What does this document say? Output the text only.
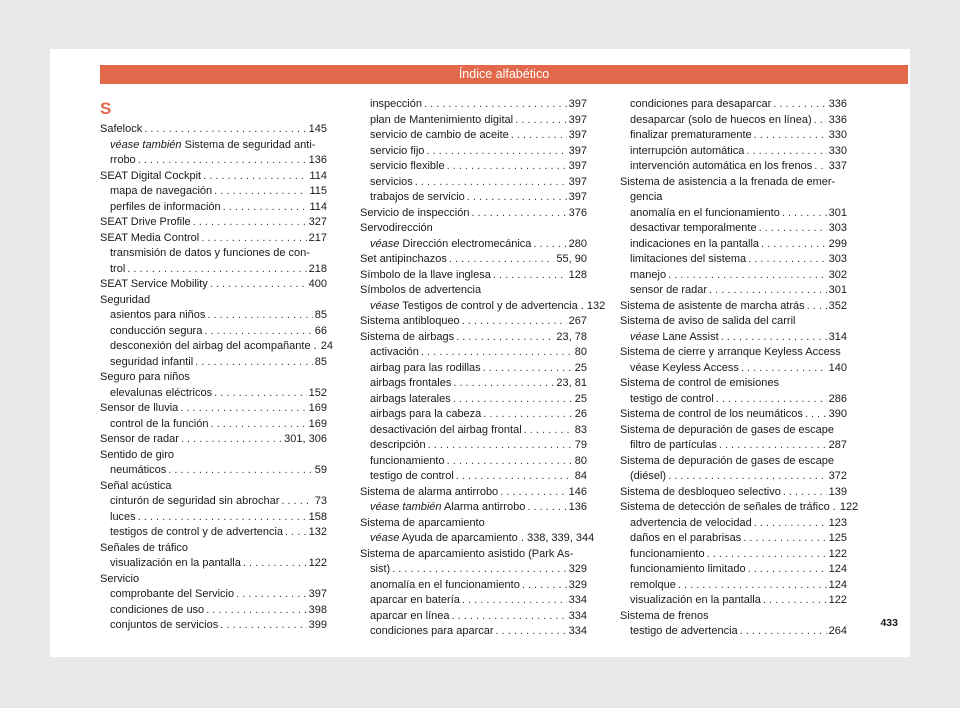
Índice alfabético
S
Safelock . . .	145
véase también Sistema de seguridad anti-
rrobo . . .	136
SEAT Digital Cockpit . . .	114
mapa de navegación . . .	115
perfiles de información . . .	114
SEAT Drive Profile . . .	327
SEAT Media Control . . .	217
transmisión de datos y funciones de con-
trol . . .	218
SEAT Service Mobility . . .	400
Seguridad
asientos para niños . . .	85
conducción segura . . .	66
desconexión del airbag del acompañante . 24
seguridad infantil . . .	85
Seguro para niños
elevalunas eléctricos . . .	152
Sensor de lluvia . . .	169
control de la función . . .	169
Sensor de radar . . .	301, 306
Sentido de giro
neumáticos . . .	59
Señal acústica
cinturón de seguridad sin abrochar . . .	73
luces . . .	158
testigos de control y de advertencia . . . 132
Señales de tráfico
visualización en la pantalla . . .	122
Servicio
comprobante del Servicio . . .	397
condiciones de uso . . .	398
conjuntos de servicios . . .	399
inspección . . .	397
plan de Mantenimiento digital . . .	397
servicio de cambio de aceite . . .	397
servicio fijo . . .	397
servicio flexible . . .	397
servicios . . .	397
trabajos de servicio . . .	397
Servicio de inspección . . .	376
Servodirección
véase Dirección electromecánica . . .	280
Set antipinchazos . . .	55, 90
Símbolo de la llave inglesa . . .	128
Símbolos de advertencia
véase Testigos de control y de advertencia . 132
Sistema antibloqueo . . .	267
Sistema de airbags . . .	23, 78
activación . . .	80
airbag para las rodillas . . .	25
airbags frontales . . .	23, 81
airbags laterales . . .	25
airbags para la cabeza . . .	26
desactivación del airbag frontal . . .	83
descripción . . .	79
funcionamiento . . .	80
testigo de control . . .	84
Sistema de alarma antirrobo . . .	146
véase también Alarma antirrobo . . .	136
Sistema de aparcamiento
véase Ayuda de aparcamiento . 338, 339, 344
Sistema de aparcamiento asistido (Park As-
sist) . . .	329
anomalía en el funcionamiento . . .	329
aparcar en batería . . .	334
aparcar en línea . . .	334
condiciones para aparcar . . .	334
condiciones para desaparcar . . .	336
desaparcar (solo de huecos en línea) . . . 336
finalizar prematuramente . . .	330
interrupción automática . . .	330
intervención automática en los frenos . . . 337
Sistema de asistencia a la frenada de emer-
gencia
anomalía en el funcionamiento . . .	301
desactivar temporalmente . . .	303
indicaciones en la pantalla . . .	299
limitaciones del sistema . . .	303
manejo . . .	302
sensor de radar . . .	301
Sistema de asistente de marcha atrás . . . 352
Sistema de aviso de salida del carril
véase Lane Assist . . .	314
Sistema de cierre y arranque Keyless Access
véase Keyless Access . . .	140
Sistema de control de emisiones
testigo de control . . .	286
Sistema de control de los neumáticos . . . 390
Sistema de depuración de gases de escape
filtro de partículas . . .	287
Sistema de depuración de gases de escape
(diésel) . . .	372
Sistema de desbloqueo selectivo . . .	139
Sistema de detección de señales de tráfico . 122
advertencia de velocidad . . .	123
daños en el parabrisas . . .	125
funcionamiento . . .	122
funcionamiento limitado . . .	124
remolque . . .	124
visualización en la pantalla . . .	122
Sistema de frenos
testigo de advertencia . . .	264
433
